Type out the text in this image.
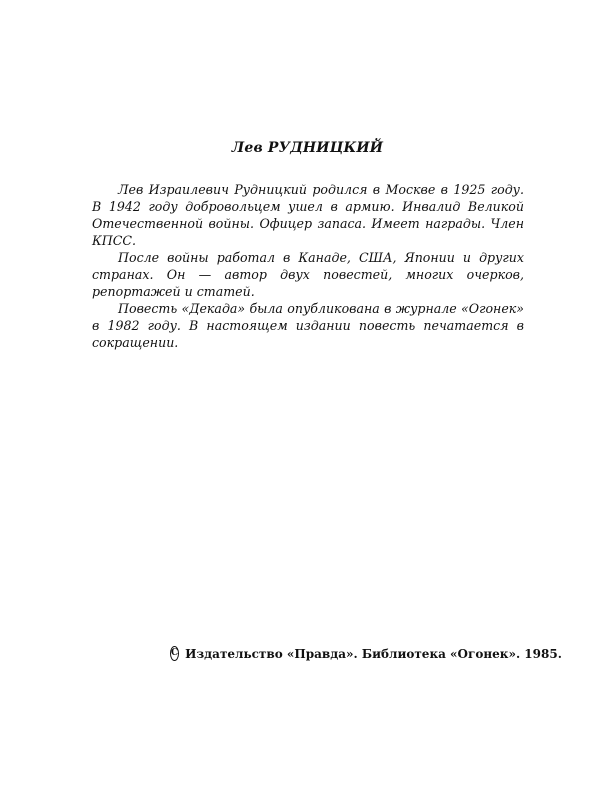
Лев РУДНИЦКИЙ

Лев Израилевич Рудницкий родился в Москве в 1925 году. В 1942 году добровольцем ушел в армию. Инвалид Великой Отечественной войны. Офицер запаса. Имеет награды. Член КПСС.

После войны работал в Канаде, США, Японии и других странах. Он — автор двух повестей, многих очерков, репортажей и статей.

Повесть «Декада» была опубликована в журнале «Огонек» в 1982 году. В настоящем издании повесть печатается в сокращении.

C Издательство «Правда». Библиотека «Огонек». 1985.
